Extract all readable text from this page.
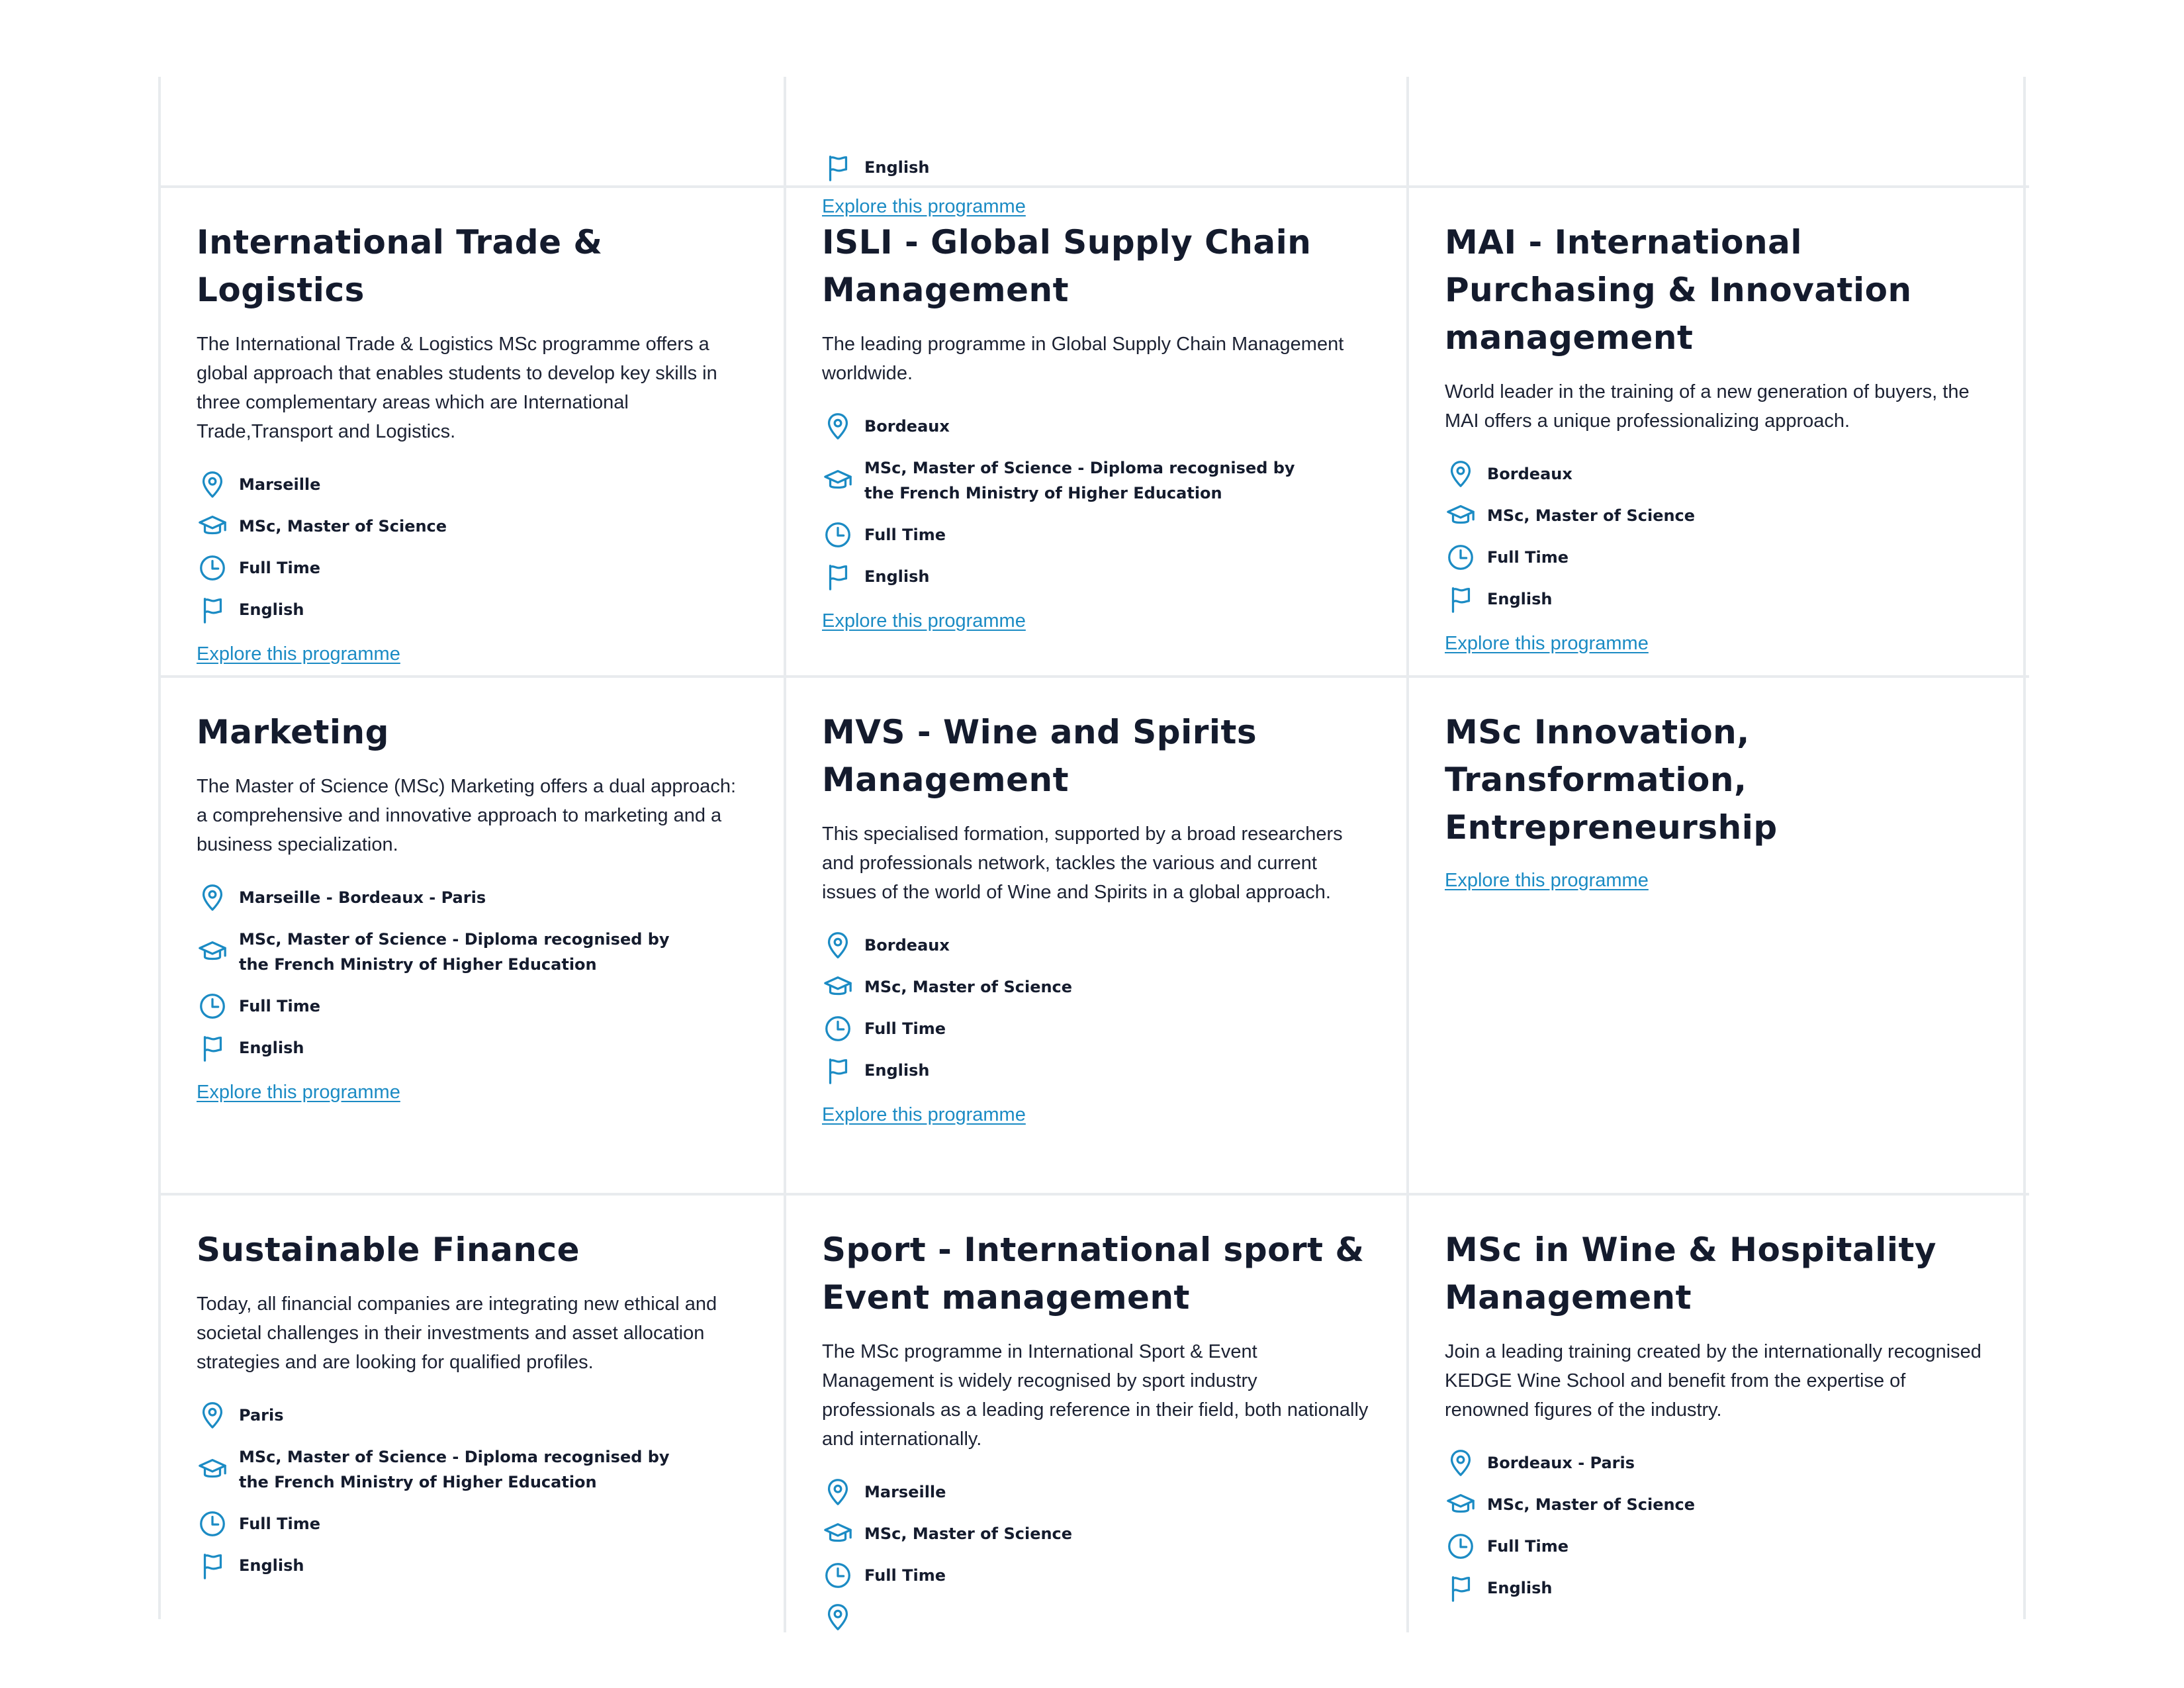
English
Explore this programme
International Trade & Logistics

The International Trade & Logistics MSc programme offers a global approach that enables students to develop key skills in three complementary areas which are International Trade,Transport and Logistics.

Marseille
MSc, Master of Science
Full Time
English
Explore this programme
ISLI - Global Supply Chain Management

The leading programme in Global Supply Chain Management worldwide.

Bordeaux
MSc, Master of Science - Diploma recognised by the French Ministry of Higher Education
Full Time
English
Explore this programme
MAI - International Purchasing & Innovation management

World leader in the training of a new generation of buyers, the MAI offers a unique professionalizing approach.

Bordeaux
MSc, Master of Science
Full Time
English
Explore this programme
Marketing

The Master of Science (MSc) Marketing offers a dual approach: a comprehensive and innovative approach to marketing and a business specialization.

Marseille - Bordeaux - Paris
MSc, Master of Science - Diploma recognised by the French Ministry of Higher Education
Full Time
English
Explore this programme
MVS - Wine and Spirits Management

This specialised formation, supported by a broad researchers and professionals network, tackles the various and current issues of the world of Wine and Spirits in a global approach.

Bordeaux
MSc, Master of Science
Full Time
English
Explore this programme
MSc Innovation, Transformation, Entrepreneurship
Explore this programme
Sustainable Finance

Today, all financial companies are integrating new ethical and societal challenges in their investments and asset allocation strategies and are looking for qualified profiles.

Paris
MSc, Master of Science - Diploma recognised by the French Ministry of Higher Education
Full Time
English
Sport - International sport & Event management

The MSc programme in International Sport & Event Management is widely recognised by sport industry professionals as a leading reference in their field, both nationally and internationally.

Marseille
MSc, Master of Science
Full Time
MSc in Wine & Hospitality Management

Join a leading training created by the internationally recognised KEDGE Wine School and benefit from the expertise of renowned figures of the industry.

Bordeaux - Paris
MSc, Master of Science
Full Time
English
